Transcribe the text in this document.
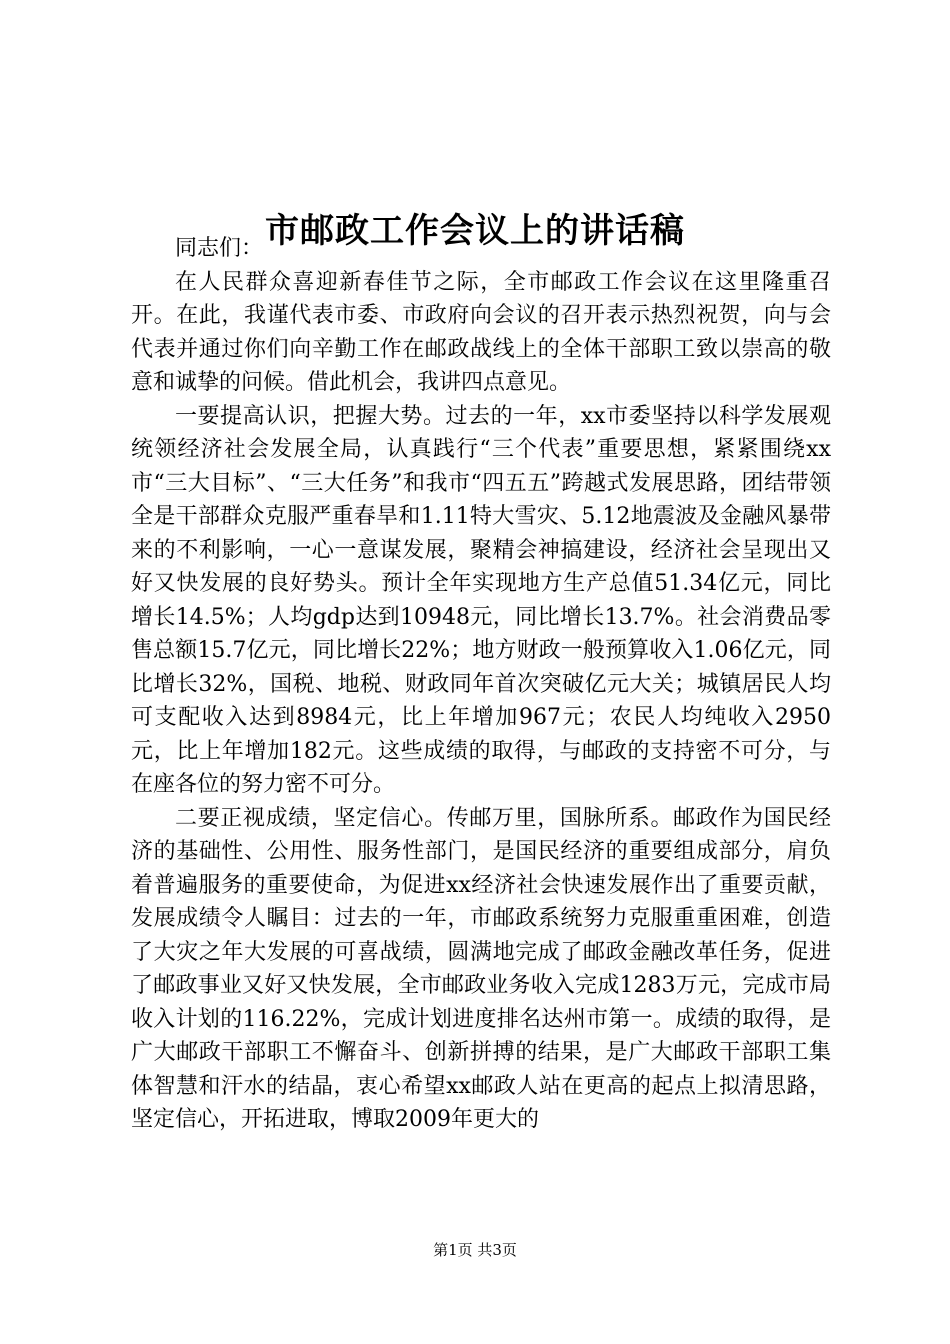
市邮政工作会议上的讲话稿

同志们：

在人民群众喜迎新春佳节之际，全市邮政工作会议在这里隆重召开。在此，我谨代表市委、市政府向会议的召开表示热烈祝贺，向与会代表并通过你们向辛勤工作在邮政战线上的全体干部职工致以崇高的敬意和诚挚的问候。借此机会，我讲四点意见。

一要提高认识，把握大势。过去的一年，xx市委坚持以科学发展观统领经济社会发展全局，认真践行“三个代表”重要思想，紧紧围绕xx市“三大目标”、“三大任务”和我市“四五五”跨越式发展思路，团结带领全是干部群众克服严重春旱和1.11特大雪灾、5.12地震波及金融风暴带来的不利影响，一心一意谋发展，聚精会神搞建设，经济社会呈现出又好又快发展的良好势头。预计全年实现地方生产总值51.34亿元，同比增长14.5%；人均gdp达到10948元，同比增长13.7%。社会消费品零售总额15.7亿元，同比增长22%；地方财政一般预算收入1.06亿元，同比增长32%，国税、地税、财政同年首次突破亿元大关；城镇居民人均可支配收入达到8984元，比上年增加967元；农民人均纯收入2950元，比上年增加182元。这些成绩的取得，与邮政的支持密不可分，与在座各位的努力密不可分。

二要正视成绩，坚定信心。传邮万里，国脉所系。邮政作为国民经济的基础性、公用性、服务性部门，是国民经济的重要组成部分，肩负着普遍服务的重要使命，为促进xx经济社会快速发展作出了重要贡献，发展成绩令人瞩目：过去的一年，市邮政系统努力克服重重困难，创造了大灾之年大发展的可喜战绩，圆满地完成了邮政金融改革任务，促进了邮政事业又好又快发展，全市邮政业务收入完成1283万元，完成市局收入计划的116.22%，完成计划进度排名达州市第一。成绩的取得，是广大邮政干部职工不懈奋斗、创新拼搏的结果，是广大邮政干部职工集体智慧和汗水的结晶，衷心希望xx邮政人站在更高的起点上拟清思路，坚定信心，开拓进取，博取2009年更大的

第1页 共3页
